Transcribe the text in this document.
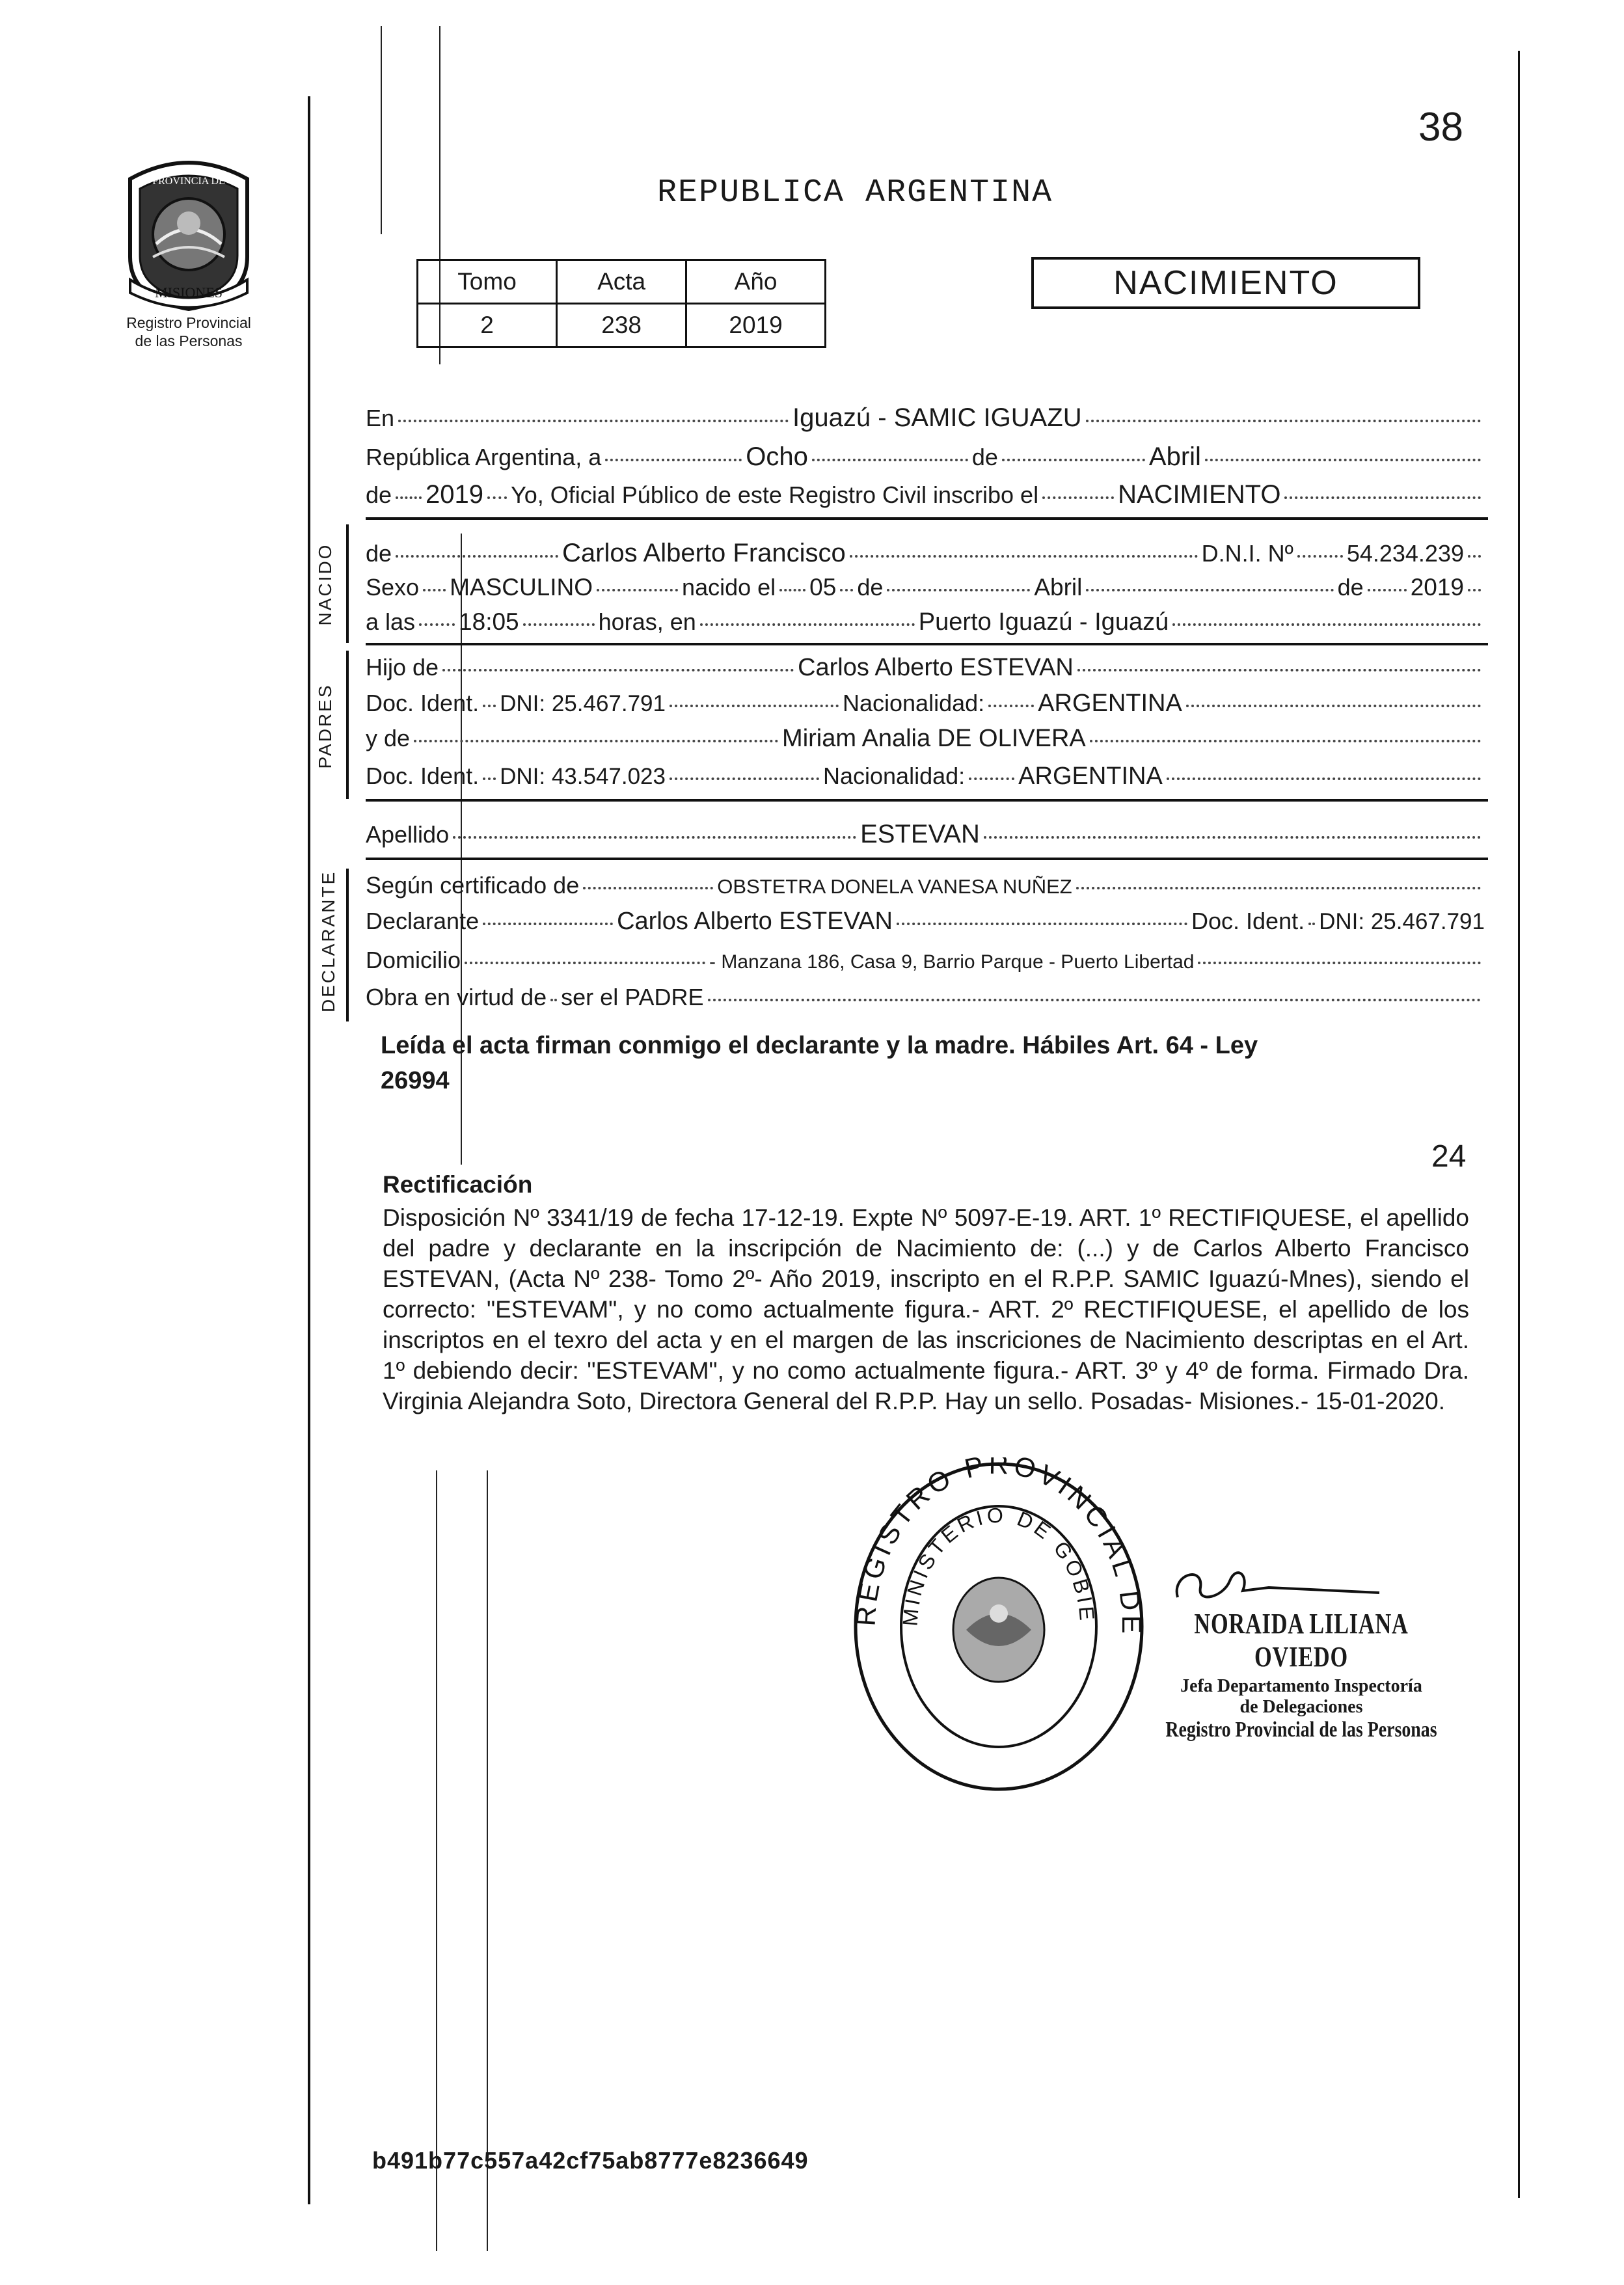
38
MISIONES
PROVINCIA DE
Registro Provincial
de las Personas
REPUBLICA ARGENTINA
Tomo	Acta	Año
2	238	2019
NACIMIENTO
En	Iguazú - SAMIC IGUAZU
República Argentina, a	Ocho	de	Abril
de 2019 Yo, Oficial Público de este Registro Civil inscribo el	NACIMIENTO
NACIDO de	Carlos Alberto Francisco	D.N.I. Nº 54.234.239
Sexo MASCULINO	nacido el 05 de	Abril	de 2019
a las 18:05	horas, en	Puerto Iguazú - Iguazú
PADRES
Hijo de	Carlos Alberto ESTEVAN
Doc. Ident. DNI: 25.467.791	Nacionalidad: ARGENTINA
y de	Miriam Analia DE OLIVERA
Doc. Ident. DNI: 43.547.023	Nacionalidad: ARGENTINA
Apellido	ESTEVAN
DECLARANTE Según certificado de	OBSTETRA DONELA VANESA NUÑEZ
Declarante	Carlos Alberto ESTEVAN	Doc. Ident. DNI: 25.467.791
Domicilio	- Manzana 186, Casa 9, Barrio Parque - Puerto Libertad
Obra en virtud de ser el PADRE
Leída el acta firman conmigo el declarante y la madre. Hábiles Art. 64 - Ley
26994
24
Rectificación
Disposición Nº 3341/19 de fecha 17-12-19. Expte Nº 5097-E-19. ART. 1º RECTIFIQUESE, el apellido del padre y declarante en la inscripción de Nacimiento de: (...) y de Carlos Alberto Francisco ESTEVAN, (Acta Nº 238- Tomo 2º- Año 2019, inscripto en el R.P.P. SAMIC Iguazú-Mnes), siendo el correcto: "ESTEVAM", y no como actualmente figura.- ART. 2º RECTIFIQUESE, el apellido de los inscriptos en el texro del acta y en el margen de las inscriciones de Nacimiento descriptas en el Art. 1º debiendo decir: "ESTEVAM", y no como actualmente figura.- ART. 3º y 4º de forma. Firmado Dra. Virginia Alejandra Soto, Directora General del R.P.P. Hay un sello. Posadas- Misiones.- 15-01-2020.
REGISTRO PROVINCIAL DE
MINISTERIO DE GOBIE	NORAIDA LILIANA OVIEDO
Jefa Departamento Inspectoría
de Delegaciones
Registro Provincial de las Personas
b491b77c557a42cf75ab8777e8236649
